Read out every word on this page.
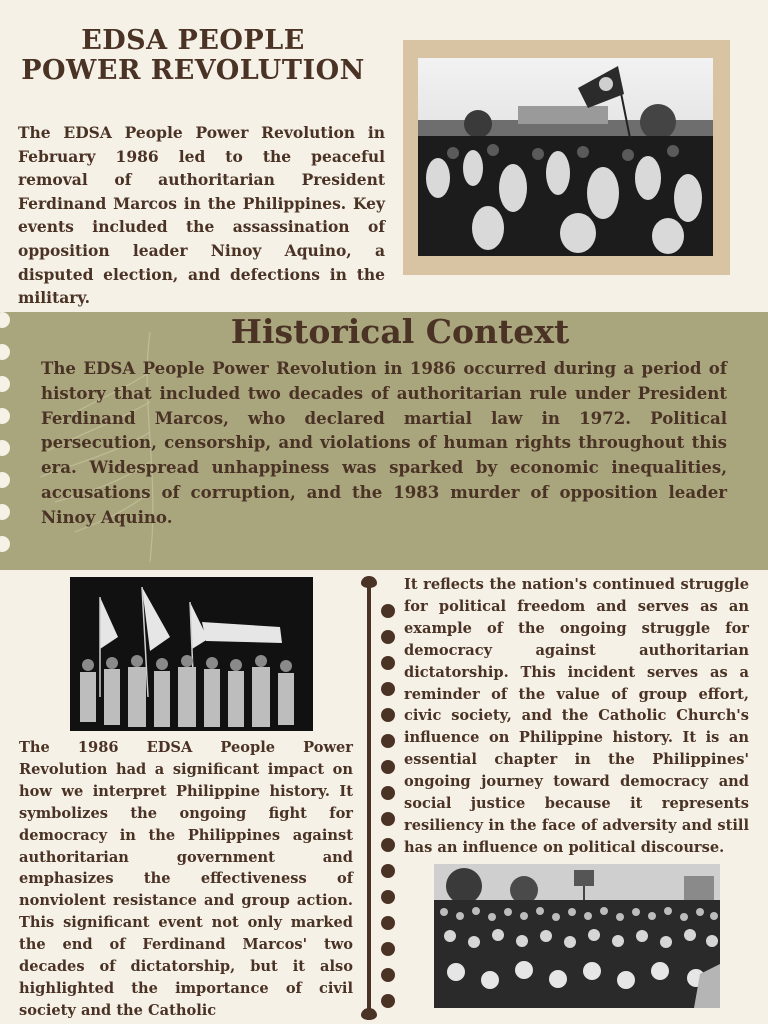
EDSA PEOPLE
POWER REVOLUTION
The EDSA People Power Revolution in February 1986 led to the peaceful removal of authoritarian President Ferdinand Marcos in the Philippines. Key events included the assassination of opposition leader Ninoy Aquino, a disputed election, and defections in the military.
Historical Context
The EDSA People Power Revolution in 1986 occurred during a period of history that included two decades of authoritarian rule under President Ferdinand Marcos, who declared martial law in 1972. Political persecution, censorship, and violations of human rights throughout this era. Widespread unhappiness was sparked by economic inequalities, accusations of corruption, and the 1983 murder of opposition leader Ninoy Aquino.
The 1986 EDSA People Power Revolution had a significant impact on how we interpret Philippine history. It symbolizes the ongoing fight for democracy in the Philippines against authoritarian government and emphasizes the effectiveness of nonviolent resistance and group action. This significant event not only marked the end of Ferdinand Marcos' two decades of dictatorship, but it also highlighted the importance of civil society and the Catholic
It reflects the nation's continued struggle for political freedom and serves as an example of the ongoing struggle for democracy against authoritarian dictatorship. This incident serves as a reminder of the value of group effort, civic society, and the Catholic Church's influence on Philippine history. It is an essential chapter in the Philippines' ongoing journey toward democracy and social justice because it represents resiliency in the face of adversity and still has an influence on political discourse.
